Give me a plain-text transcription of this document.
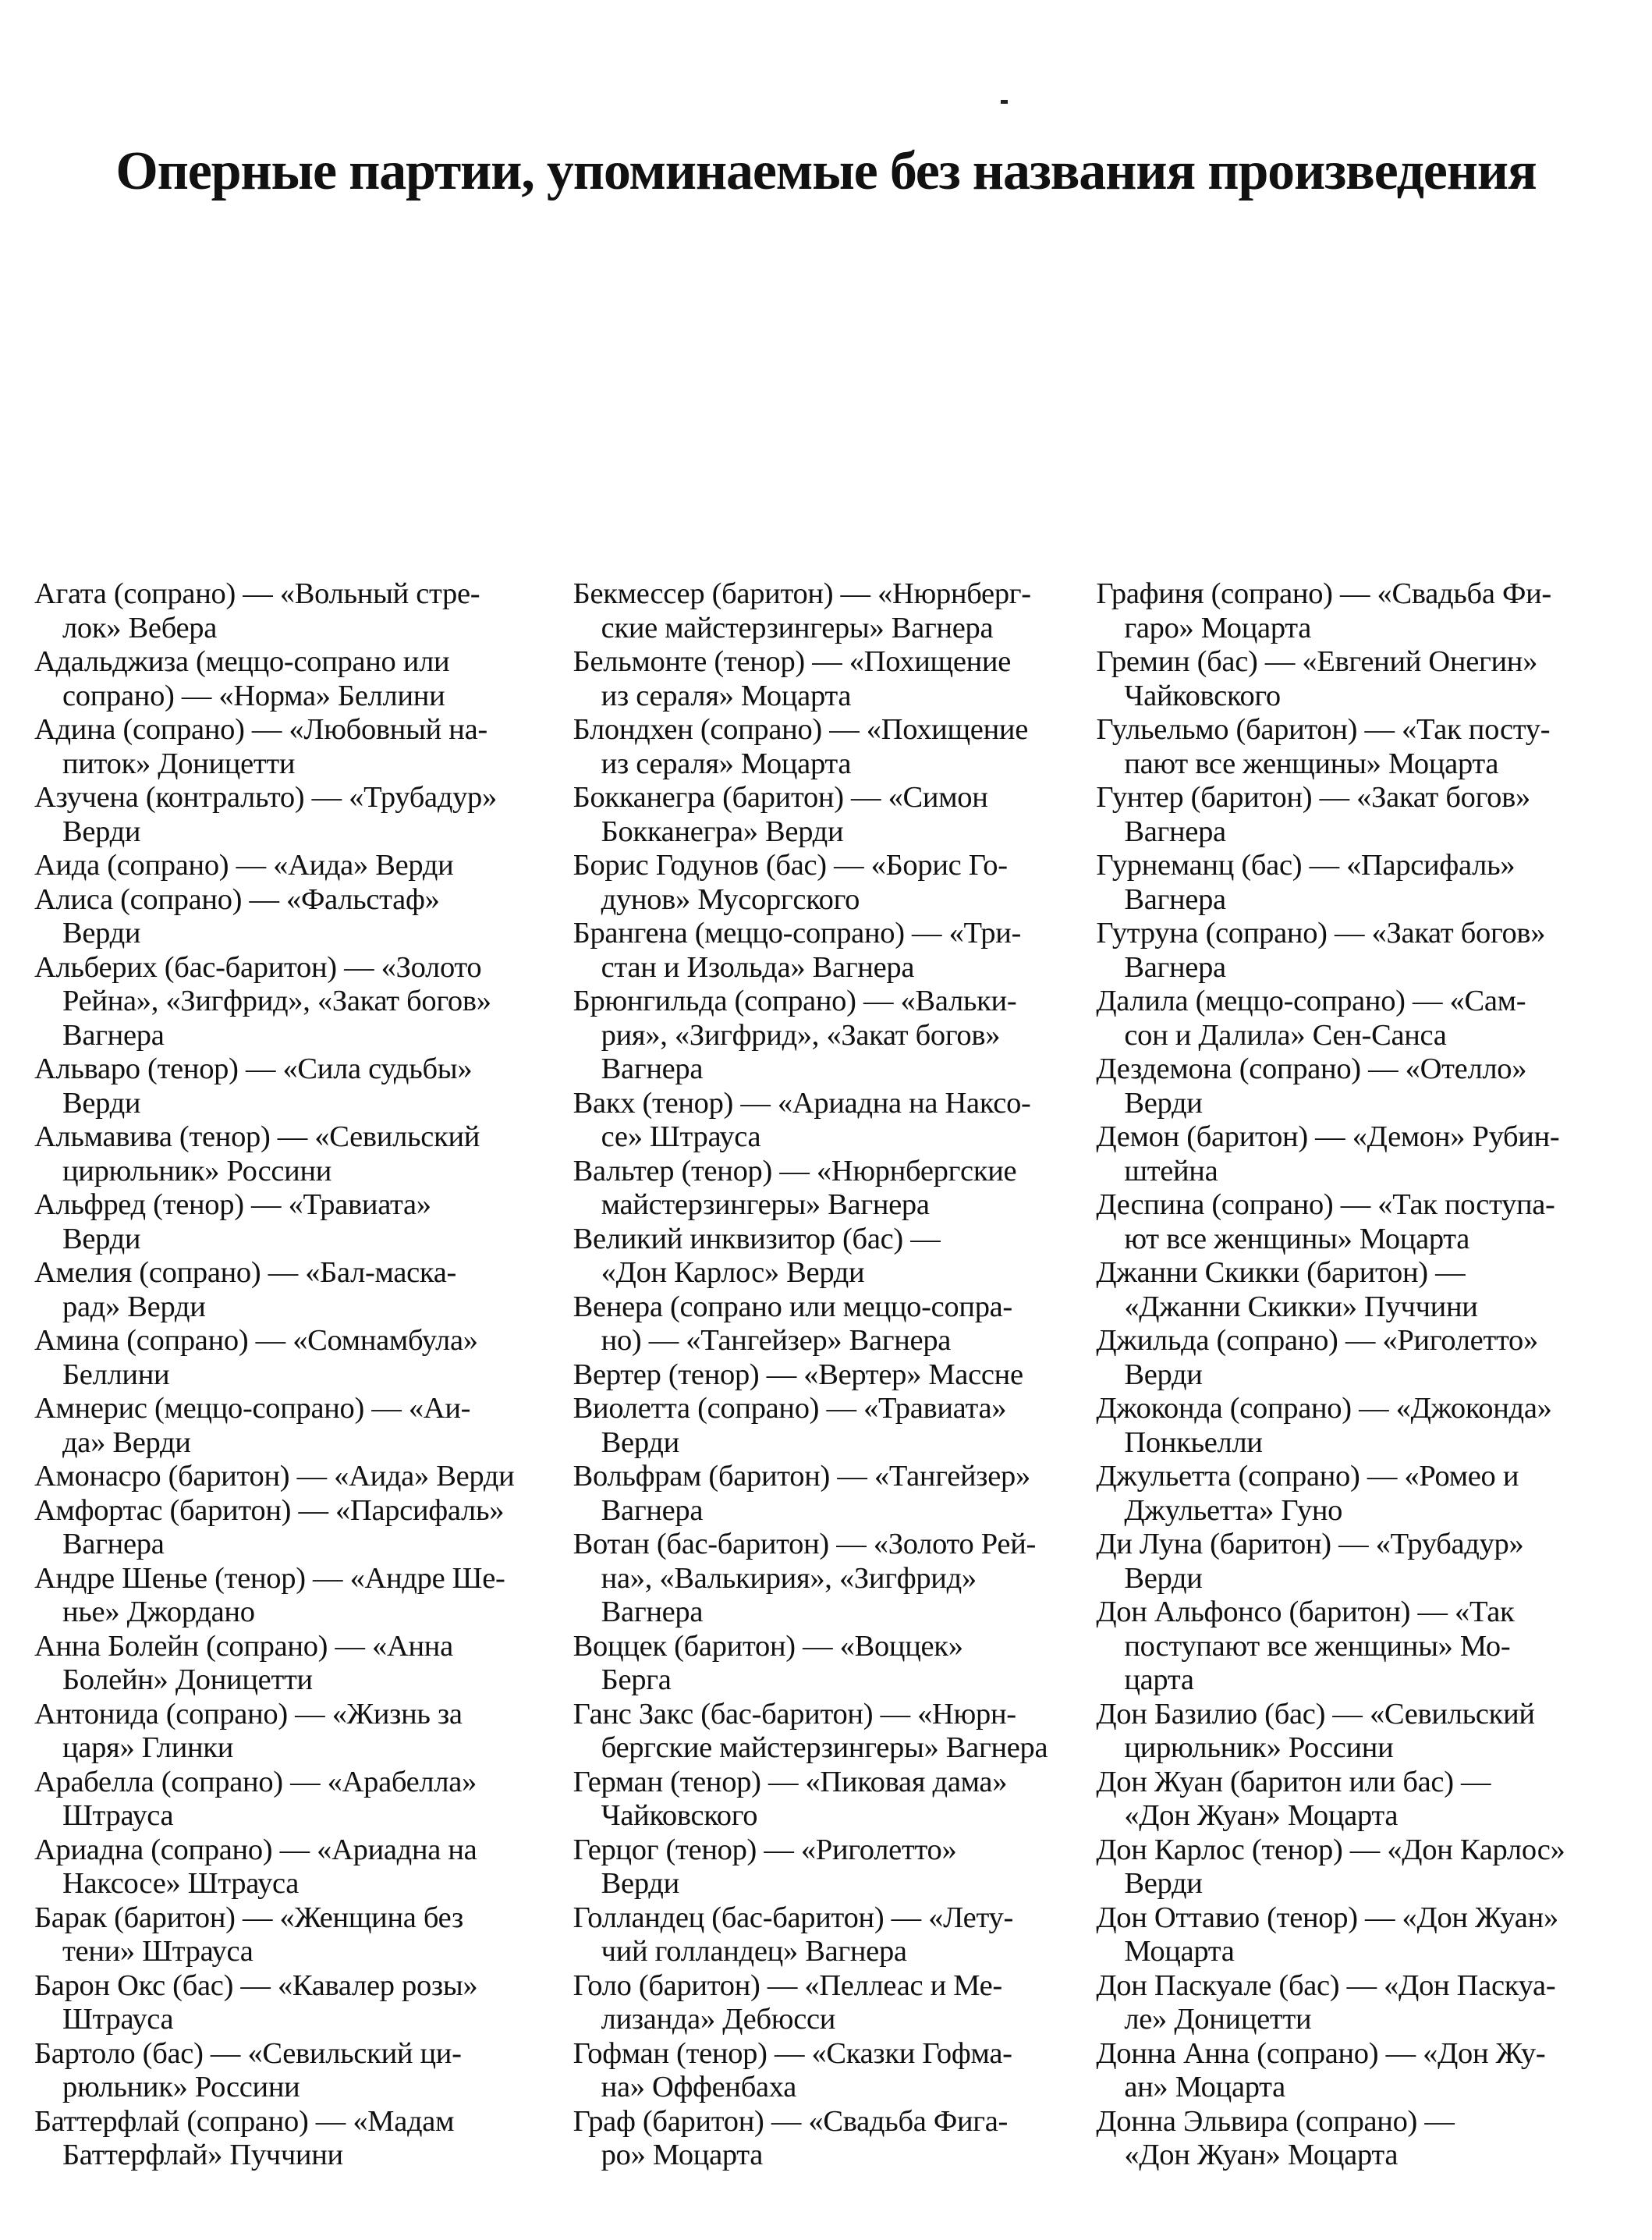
Оперные партии, упоминаемые без названия произведения
Агата (сопрано) — «Вольный стре-
лок» Вебера
Адальджиза (меццо-сопрано или
сопрано) — «Норма» Беллини
Адина (сопрано) — «Любовный на-
питок» Доницетти
Азучена (контральто) — «Трубадур»
Верди
Аида (сопрано) — «Аида» Верди
Алиса (сопрано) — «Фальстаф»
Верди
Альберих (бас-баритон) — «Золото
Рейна», «Зигфрид», «Закат богов»
Вагнера
Альваро (тенор) — «Сила судьбы»
Верди
Альмавива (тенор) — «Севильский
цирюльник» Россини
Альфред (тенор) — «Травиата»
Верди
Амелия (сопрано) — «Бал-маска-
рад» Верди
Амина (сопрано) — «Сомнамбула»
Беллини
Амнерис (меццо-сопрано) — «Аи-
да» Верди
Амонасро (баритон) — «Аида» Верди
Амфортас (баритон) — «Парсифаль»
Вагнера
Андре Шенье (тенор) — «Андре Ше-
нье» Джордано
Анна Болейн (сопрано) — «Анна
Болейн» Доницетти
Антонида (сопрано) — «Жизнь за
царя» Глинки
Арабелла (сопрано) — «Арабелла»
Штрауса
Ариадна (сопрано) — «Ариадна на
Наксосе» Штрауса
Барак (баритон) — «Женщина без
тени» Штрауса
Барон Окс (бас) — «Кавалер розы»
Штрауса
Бартоло (бас) — «Севильский ци-
рюльник» Россини
Баттерфлай (сопрано) — «Мадам
Баттерфлай» Пуччини
Бекмессер (баритон) — «Нюрнберг-
ские майстерзингеры» Вагнера
Бельмонте (тенор) — «Похищение
из сераля» Моцарта
Блондхен (сопрано) — «Похищение
из сераля» Моцарта
Бокканегра (баритон) — «Симон
Бокканегра» Верди
Борис Годунов (бас) — «Борис Го-
дунов» Мусоргского
Брангена (меццо-сопрано) — «Три-
стан и Изольда» Вагнера
Брюнгильда (сопрано) — «Вальки-
рия», «Зигфрид», «Закат богов»
Вагнера
Вакх (тенор) — «Ариадна на Наксо-
се» Штрауса
Вальтер (тенор) — «Нюрнбергские
майстерзингеры» Вагнера
Великий инквизитор (бас) —
«Дон Карлос» Верди
Венера (сопрано или меццо-сопра-
но) — «Тангейзер» Вагнера
Вертер (тенор) — «Вертер» Массне
Виолетта (сопрано) — «Травиата»
Верди
Вольфрам (баритон) — «Тангейзер»
Вагнера
Вотан (бас-баритон) — «Золото Рей-
на», «Валькирия», «Зигфрид»
Вагнера
Воццек (баритон) — «Воццек»
Берга
Ганс Закс (бас-баритон) — «Нюрн-
бергские майстерзингеры» Вагнера
Герман (тенор) — «Пиковая дама»
Чайковского
Герцог (тенор) — «Риголетто»
Верди
Голландец (бас-баритон) — «Лету-
чий голландец» Вагнера
Голо (баритон) — «Пеллеас и Ме-
лизанда» Дебюсси
Гофман (тенор) — «Сказки Гофма-
на» Оффенбаха
Граф (баритон) — «Свадьба Фига-
ро» Моцарта
Графиня (сопрано) — «Свадьба Фи-
гаро» Моцарта
Гремин (бас) — «Евгений Онегин»
Чайковского
Гульельмо (баритон) — «Так посту-
пают все женщины» Моцарта
Гунтер (баритон) — «Закат богов»
Вагнера
Гурнеманц (бас) — «Парсифаль»
Вагнера
Гутруна (сопрано) — «Закат богов»
Вагнера
Далила (меццо-сопрано) — «Сам-
сон и Далила» Сен-Санса
Дездемона (сопрано) — «Отелло»
Верди
Демон (баритон) — «Демон» Рубин-
штейна
Деспина (сопрано) — «Так поступа-
ют все женщины» Моцарта
Джанни Скикки (баритон) —
«Джанни Скикки» Пуччини
Джильда (сопрано) — «Риголетто»
Верди
Джоконда (сопрано) — «Джоконда»
Понкьелли
Джульетта (сопрано) — «Ромео и
Джульетта» Гуно
Ди Луна (баритон) — «Трубадур»
Верди
Дон Альфонсо (баритон) — «Так
поступают все женщины» Мо-
царта
Дон Базилио (бас) — «Севильский
цирюльник» Россини
Дон Жуан (баритон или бас) —
«Дон Жуан» Моцарта
Дон Карлос (тенор) — «Дон Карлос»
Верди
Дон Оттавио (тенор) — «Дон Жуан»
Моцарта
Дон Паскуале (бас) — «Дон Паскуа-
ле» Доницетти
Донна Анна (сопрано) — «Дон Жу-
ан» Моцарта
Донна Эльвира (сопрано) —
«Дон Жуан» Моцарта
